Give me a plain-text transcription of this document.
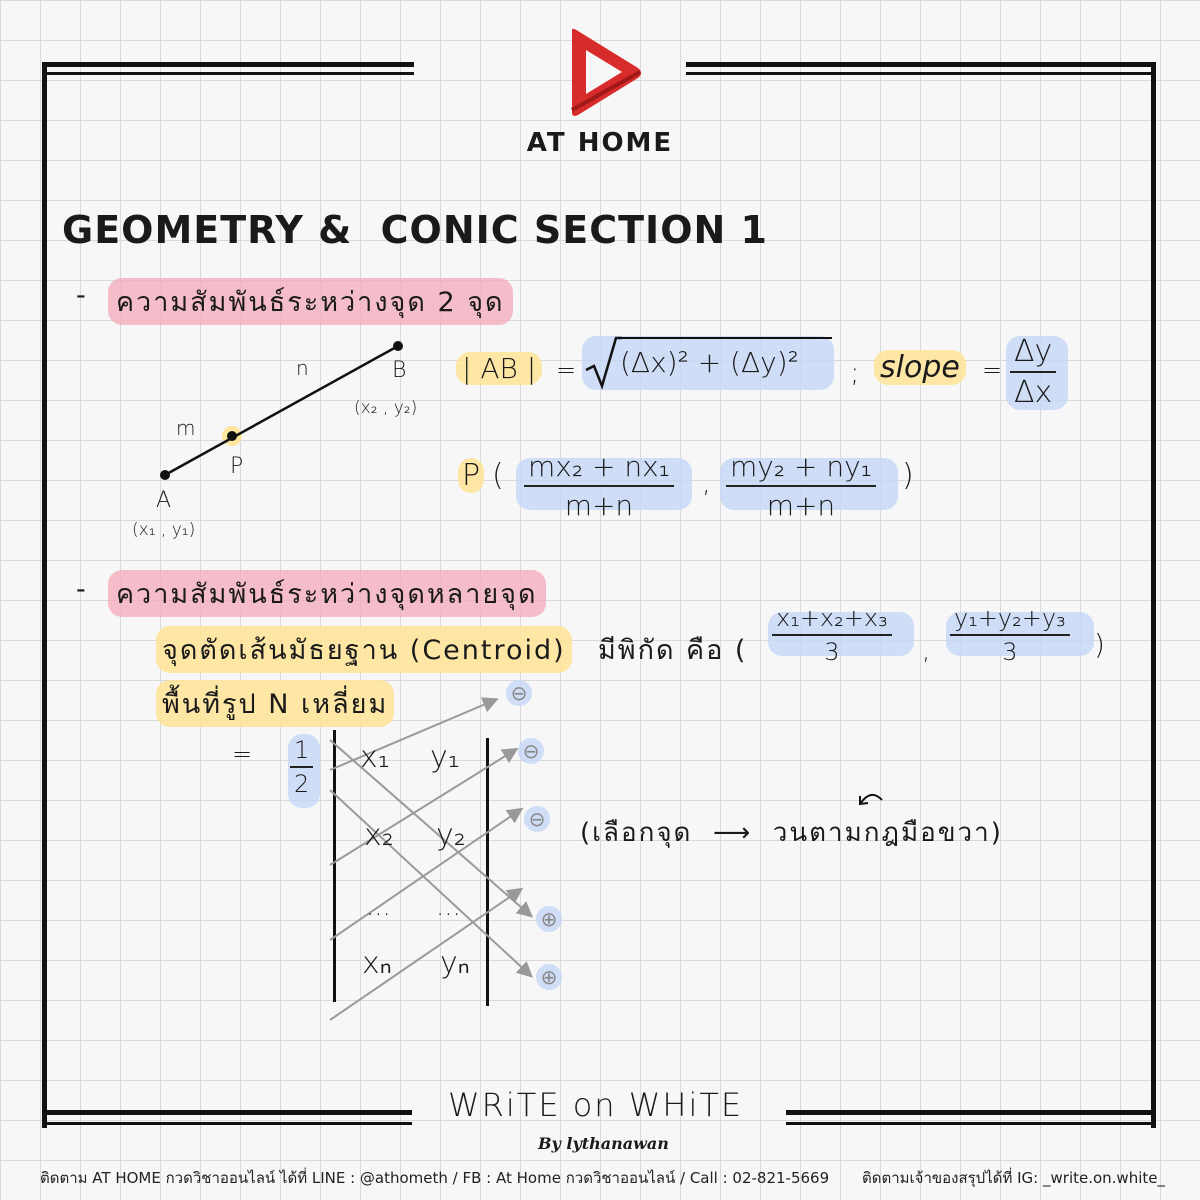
AT HOME
GEOMETRY &  CONIC SECTION 1
- ความสัมพันธ์ระหว่างจุด 2 จุด
A
(x₁ , y₁)
B
(x₂ , y₂)
P
m
n	| AB | = (Δx)² + (Δy)² ; slope =
Δy
Δx
P ( mx₂ + nx₁
m+n
, my₂ + ny₁
m+n
)
- ความสัมพันธ์ระหว่างจุดหลายจุด
จุดตัดเส้นมัธยฐาน (Centroid) มีพิกัด คือ (
x₁+x₂+x₃
3	,
y₁+y₂+y₃
3	)
พื้นที่รูป N เหลี่ยม
= 1
2
x₁ y₁
x₂ y₂
... ...
xₙ yₙ
⊖
⊖
⊖
⊕
⊕
(เลือกจุด  ⟶  วนตามกฎมือขวา)
WRiTE on WHiTE
By lythanawan
ติดตาม AT HOME กวดวิชาออนไลน์ ได้ที่ LINE : @athometh / FB : At Home กวดวิชาออนไลน์ / Call : 02-821-5669 ติดตามเจ้าของสรุปได้ที่ IG: _write.on.white_
